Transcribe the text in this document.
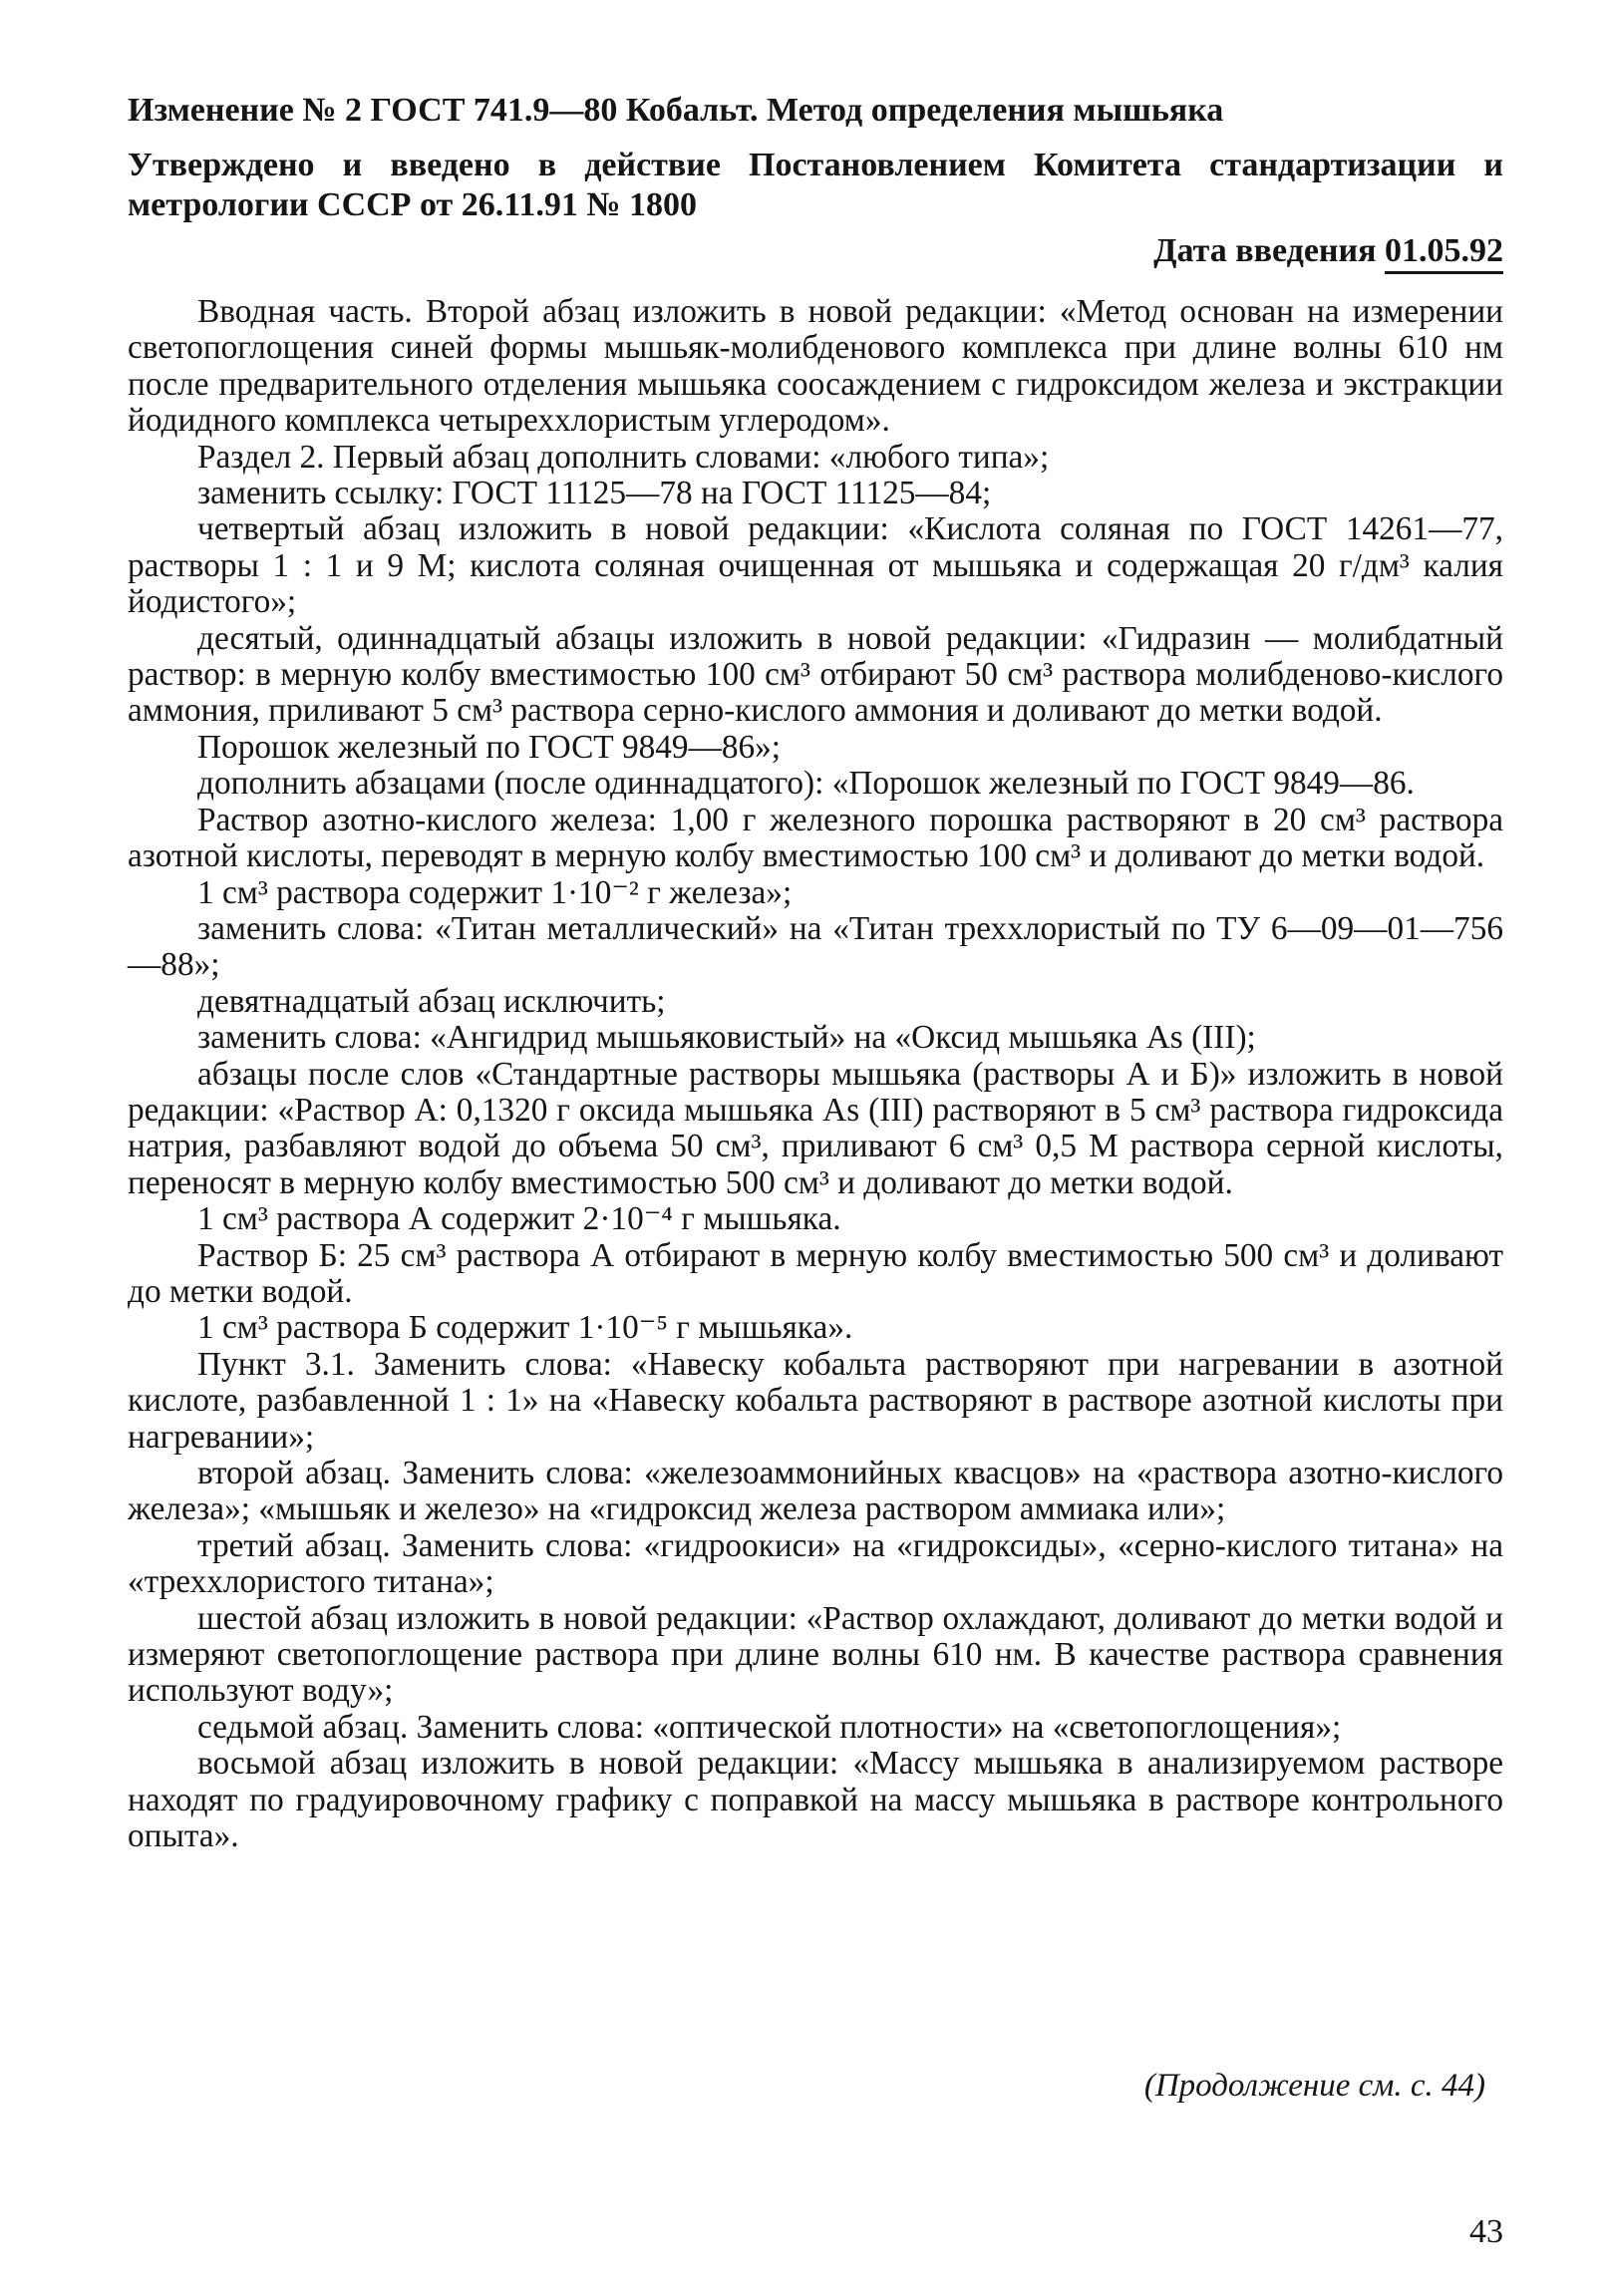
Изменение № 2 ГОСТ 741.9—80 Кобальт. Метод определения мышьяка
Утверждено и введено в действие Постановлением Комитета стандартизации и метрологии СССР от 26.11.91 № 1800
Дата введения 01.05.92

Вводная часть. Второй абзац изложить в новой редакции: «Метод основан на измерении светопоглощения синей формы мышьяк-молибденового комплекса при длине волны 610 нм после предварительного отделения мышьяка соосаждением с гидроксидом железа и экстракции йодидного комплекса четыреххлористым углеродом».

Раздел 2. Первый абзац дополнить словами: «любого типа»;

заменить ссылку: ГОСТ 11125—78 на ГОСТ 11125—84;

четвертый абзац изложить в новой редакции: «Кислота соляная по ГОСТ 14261—77, растворы 1 : 1 и 9 М; кислота соляная очищенная от мышьяка и содержащая 20 г/дм³ калия йодистого»;

десятый, одиннадцатый абзацы изложить в новой редакции: «Гидразин — молибдатный раствор: в мерную колбу вместимостью 100 см³ отбирают 50 см³ раствора молибденово-кислого аммония, приливают 5 см³ раствора серно-кислого аммония и доливают до метки водой.

Порошок железный по ГОСТ 9849—86»;

дополнить абзацами (после одиннадцатого): «Порошок железный по ГОСТ 9849—86.

Раствор азотно-кислого железа: 1,00 г железного порошка растворяют в 20 см³ раствора азотной кислоты, переводят в мерную колбу вместимостью 100 см³ и доливают до метки водой.

1 см³ раствора содержит 1·10⁻² г железа»;

заменить слова: «Титан металлический» на «Титан треххлористый по ТУ 6—09—01—756—88»;

девятнадцатый абзац исключить;

заменить слова: «Ангидрид мышьяковистый» на «Оксид мышьяка As (III);

абзацы после слов «Стандартные растворы мышьяка (растворы А и Б)» изложить в новой редакции: «Раствор А: 0,1320 г оксида мышьяка As (III) растворяют в 5 см³ раствора гидроксида натрия, разбавляют водой до объема 50 см³, приливают 6 см³ 0,5 М раствора серной кислоты, переносят в мерную колбу вместимостью 500 см³ и доливают до метки водой.

1 см³ раствора А содержит 2·10⁻⁴ г мышьяка.

Раствор Б: 25 см³ раствора А отбирают в мерную колбу вместимостью 500 см³ и доливают до метки водой.

1 см³ раствора Б содержит 1·10⁻⁵ г мышьяка».

Пункт 3.1. Заменить слова: «Навеску кобальта растворяют при нагревании в азотной кислоте, разбавленной 1 : 1» на «Навеску кобальта растворяют в растворе азотной кислоты при нагревании»;

второй абзац. Заменить слова: «железоаммонийных квасцов» на «раствора азотно-кислого железа»; «мышьяк и железо» на «гидроксид железа раствором аммиака или»;

третий абзац. Заменить слова: «гидроокиси» на «гидроксиды», «серно-кислого титана» на «треххлористого титана»;

шестой абзац изложить в новой редакции: «Раствор охлаждают, доливают до метки водой и измеряют светопоглощение раствора при длине волны 610 нм. В качестве раствора сравнения используют воду»;

седьмой абзац. Заменить слова: «оптической плотности» на «светопоглощения»;

восьмой абзац изложить в новой редакции: «Массу мышьяка в анализируемом растворе находят по градуировочному графику с поправкой на массу мышьяка в растворе контрольного опыта».

(Продолжение см. с. 44)
43
